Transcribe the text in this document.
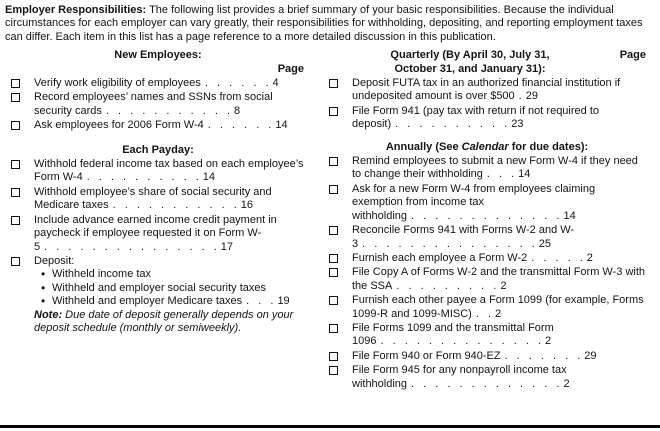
Employer Responsibilities: The following list provides a brief summary of your basic responsibilities. Because the individual circumstances for each employer can vary greatly, their responsibilities for withholding, depositing, and reporting employment taxes can differ. Each item in this list has a page reference to a more detailed discussion in this publication.
New Employees:
Page
Verify work eligibility of employees . . . . . . 4
Record employees’ names and SSNs from social security cards . . . . . . . . . . . 8
Ask employees for 2006 Form W-4 . . . . . . 14
Each Payday:
Withhold federal income tax based on each employee’s Form W-4 . . . . . . . . . . 14
Withhold employee’s share of social security and Medicare taxes . . . . . . . . . . . 16
Include advance earned income credit payment in paycheck if employee requested it on Form W-5 . . . . . . . . . . . . . . . 17
Deposit:
• Withheld income tax
• Withheld and employer social security taxes
• Withheld and employer Medicare taxes . . . 19
Note: Due date of deposit generally depends on your deposit schedule (monthly or semiweekly).
Page
Quarterly (By April 30, July 31,
October 31, and January 31):
Deposit FUTA tax in an authorized financial institution if undeposited amount is over $500 . 29
File Form 941 (pay tax with return if not required to deposit) . . . . . . . . . . 23
Annually (See Calendar for due dates):
Remind employees to submit a new Form W-4 if they need to change their withholding . . . 14
Ask for a new Form W-4 from employees claiming exemption from income tax withholding . . . . . . . . . . . . . 14
Reconcile Forms 941 with Forms W-2 and W-3 . . . . . . . . . . . . . . . 25
Furnish each employee a Form W-2 . . . . . 2
File Copy A of Forms W-2 and the transmittal Form W-3 with the SSA . . . . . . . . . 2
Furnish each other payee a Form 1099 (for example, Forms 1099-R and 1099-MISC) . . 2
File Forms 1099 and the transmittal Form 1096 . . . . . . . . . . . . . . 2
File Form 940 or Form 940-EZ . . . . . . . 29
File Form 945 for any nonpayroll income tax withholding . . . . . . . . . . . . . 2
